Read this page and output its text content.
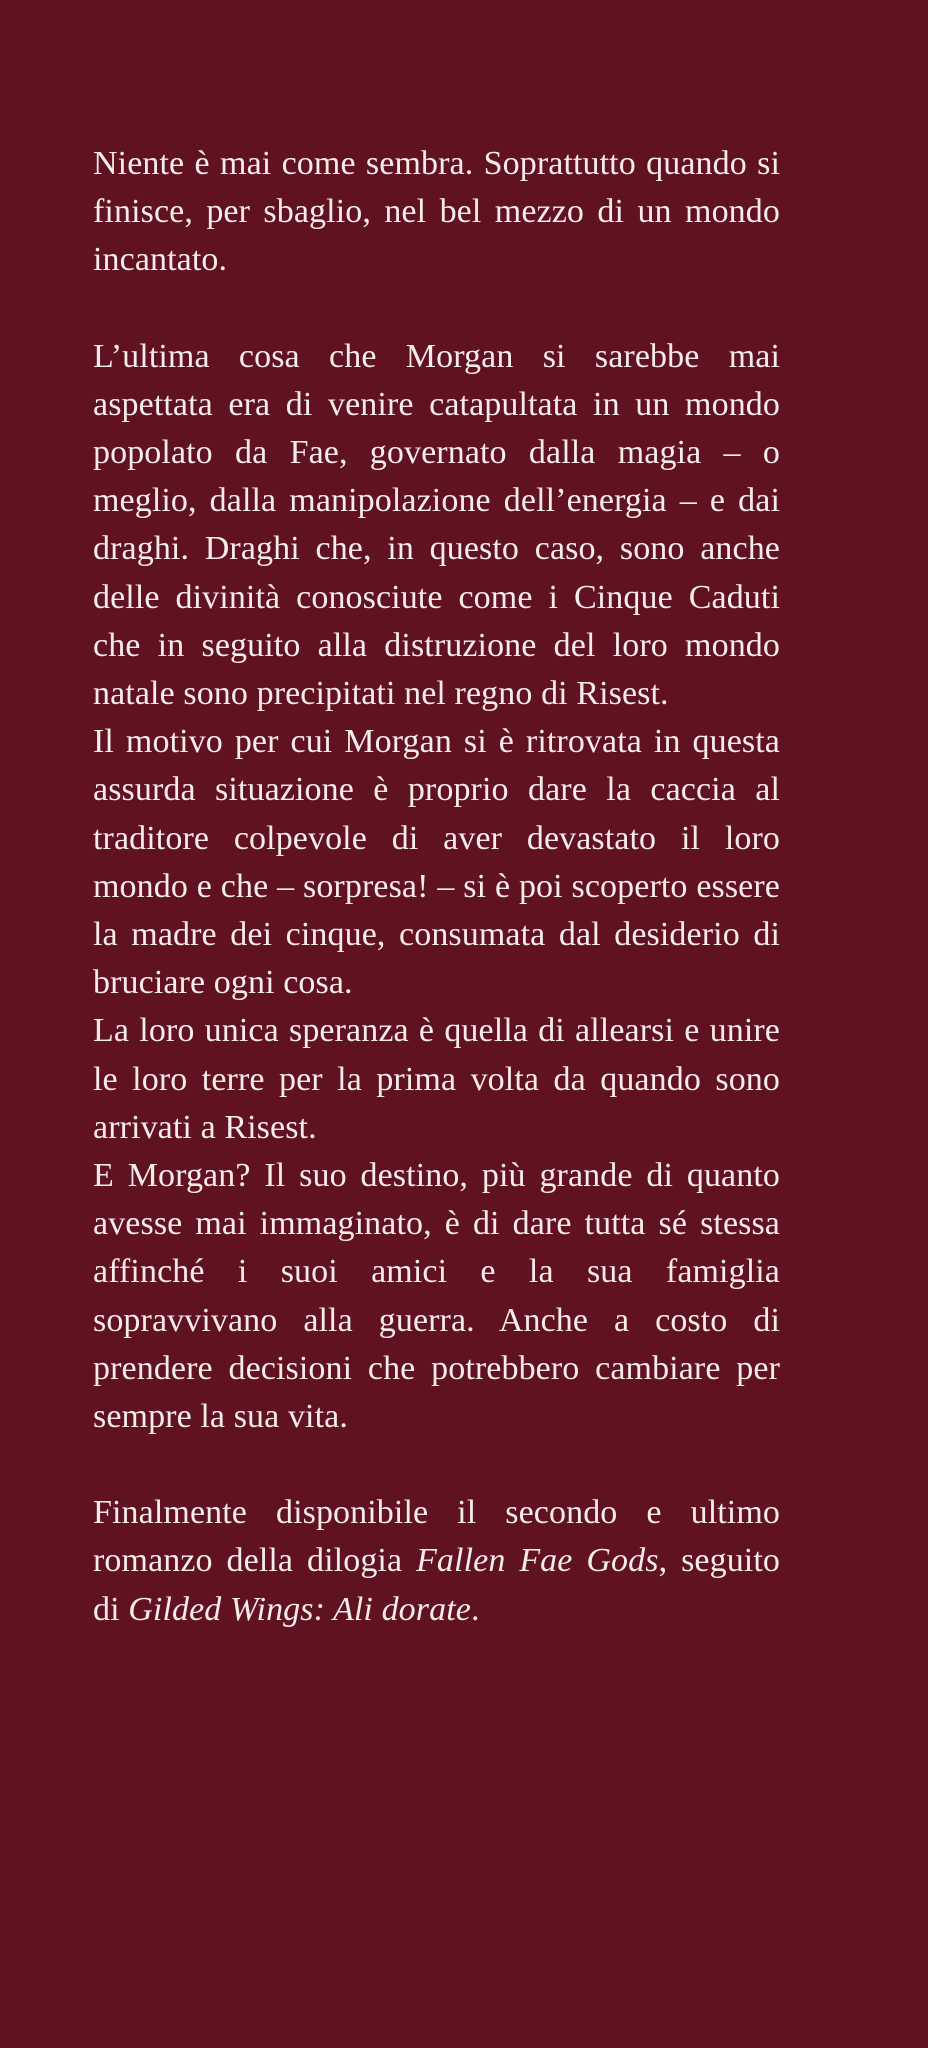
Niente è mai come sembra. Soprattutto quando si finisce, per sbaglio, nel bel mezzo di un mondo incantato.

L’ultima cosa che Morgan si sarebbe mai aspettata era di venire catapultata in un mondo popolato da Fae, governato dalla magia – o meglio, dalla manipolazione dell’energia – e dai draghi. Draghi che, in questo caso, sono anche delle divinità conosciute come i Cinque Caduti che in seguito alla distruzione del loro mondo natale sono precipitati nel regno di Risest.

Il motivo per cui Morgan si è ritrovata in questa assurda situazione è proprio dare la caccia al traditore colpevole di aver devastato il loro mondo e che – sorpresa! – si è poi scoperto essere la madre dei cinque, consumata dal desiderio di bruciare ogni cosa.

La loro unica speranza è quella di allearsi e unire le loro terre per la prima volta da quando sono arrivati a Risest.

E Morgan? Il suo destino, più grande di quanto avesse mai immaginato, è di dare tutta sé stessa affinché i suoi amici e la sua famiglia sopravvivano alla guerra. Anche a costo di prendere decisioni che potrebbero cambiare per sempre la sua vita.

Finalmente disponibile il secondo e ultimo romanzo della dilogia Fallen Fae Gods, seguito di Gilded Wings: Ali dorate.
